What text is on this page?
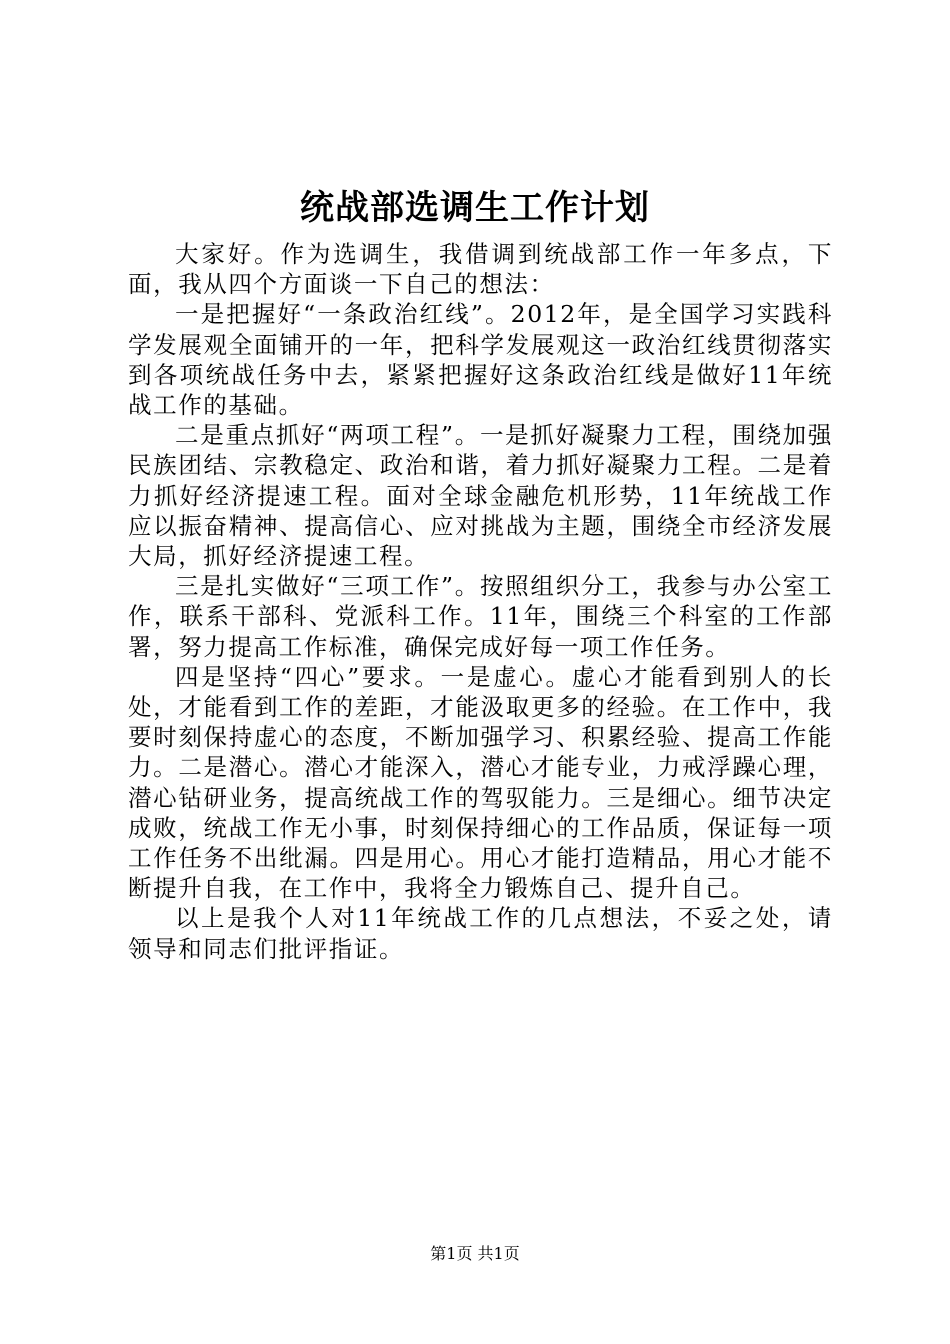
统战部选调生工作计划

大家好。作为选调生，我借调到统战部工作一年多点，下面，我从四个方面谈一下自己的想法：

一是把握好“一条政治红线”。2012年，是全国学习实践科学发展观全面铺开的一年，把科学发展观这一政治红线贯彻落实到各项统战任务中去，紧紧把握好这条政治红线是做好11年统战工作的基础。

二是重点抓好“两项工程”。一是抓好凝聚力工程，围绕加强民族团结、宗教稳定、政治和谐，着力抓好凝聚力工程。二是着力抓好经济提速工程。面对全球金融危机形势，11年统战工作应以振奋精神、提高信心、应对挑战为主题，围绕全市经济发展大局，抓好经济提速工程。

三是扎实做好“三项工作”。按照组织分工，我参与办公室工作，联系干部科、党派科工作。11年，围绕三个科室的工作部署，努力提高工作标准，确保完成好每一项工作任务。

四是坚持“四心”要求。一是虚心。虚心才能看到别人的长处，才能看到工作的差距，才能汲取更多的经验。在工作中，我要时刻保持虚心的态度，不断加强学习、积累经验、提高工作能力。二是潜心。潜心才能深入，潜心才能专业，力戒浮躁心理，潜心钻研业务，提高统战工作的驾驭能力。三是细心。细节决定成败，统战工作无小事，时刻保持细心的工作品质，保证每一项工作任务不出纰漏。四是用心。用心才能打造精品，用心才能不断提升自我，在工作中，我将全力锻炼自己、提升自己。

以上是我个人对11年统战工作的几点想法，不妥之处，请领导和同志们批评指证。

第1页 共1页
